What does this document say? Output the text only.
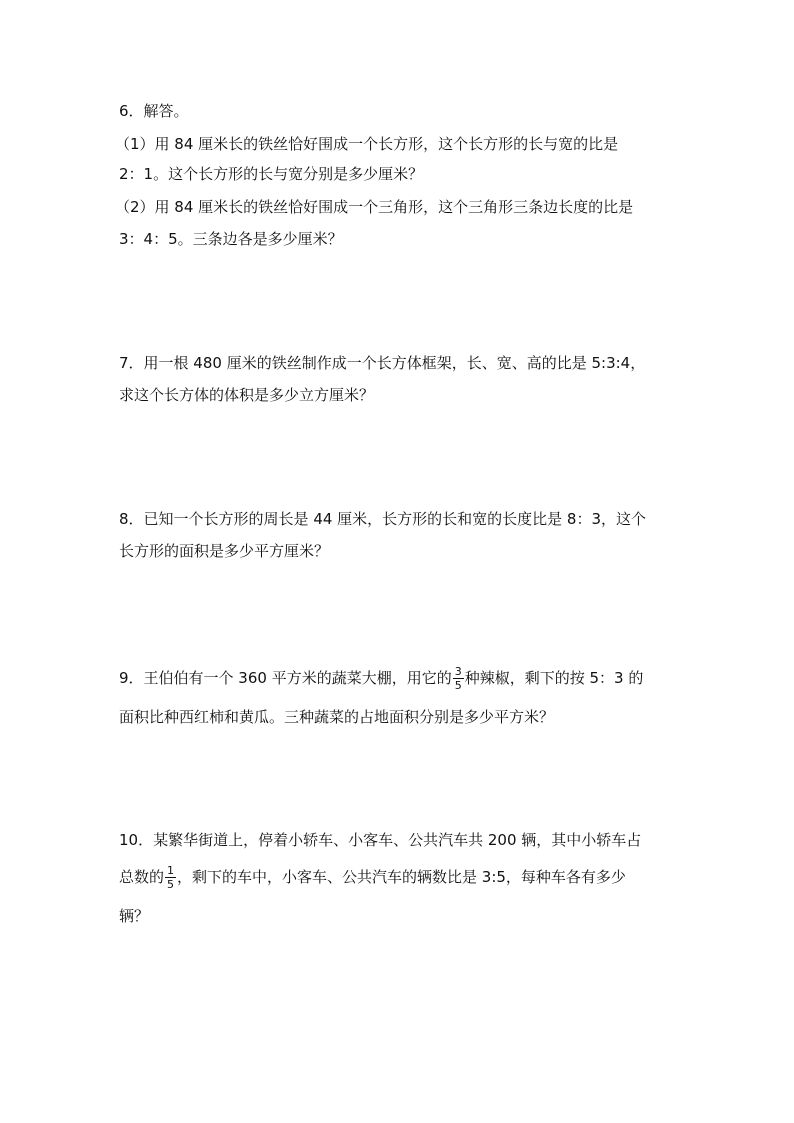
6．解答。
（1）用 84 厘米长的铁丝恰好围成一个长方形，这个长方形的长与宽的比是
2：1。这个长方形的长与宽分别是多少厘米？
（2）用 84 厘米长的铁丝恰好围成一个三角形，这个三角形三条边长度的比是
3：4：5。三条边各是多少厘米？
7．用一根 480 厘米的铁丝制作成一个长方体框架，长、宽、高的比是 5:3:4，
求这个长方体的体积是多少立方厘米？
8．已知一个长方形的周长是 44 厘米，长方形的长和宽的长度比是 8：3，这个
长方形的面积是多少平方厘米？
9．王伯伯有一个 360 平方米的蔬菜大棚，用它的 $\frac{3}{5}$ 种辣椒，剩下的按 5：3 的
面积比种西红柿和黄瓜。三种蔬菜的占地面积分别是多少平方米？
10．某繁华街道上，停着小轿车、小客车、公共汽车共 200 辆，其中小轿车占
总数的 $\frac{1}{5}$ ，剩下的车中，小客车、公共汽车的辆数比是 3:5，每种车各有多少
辆？
